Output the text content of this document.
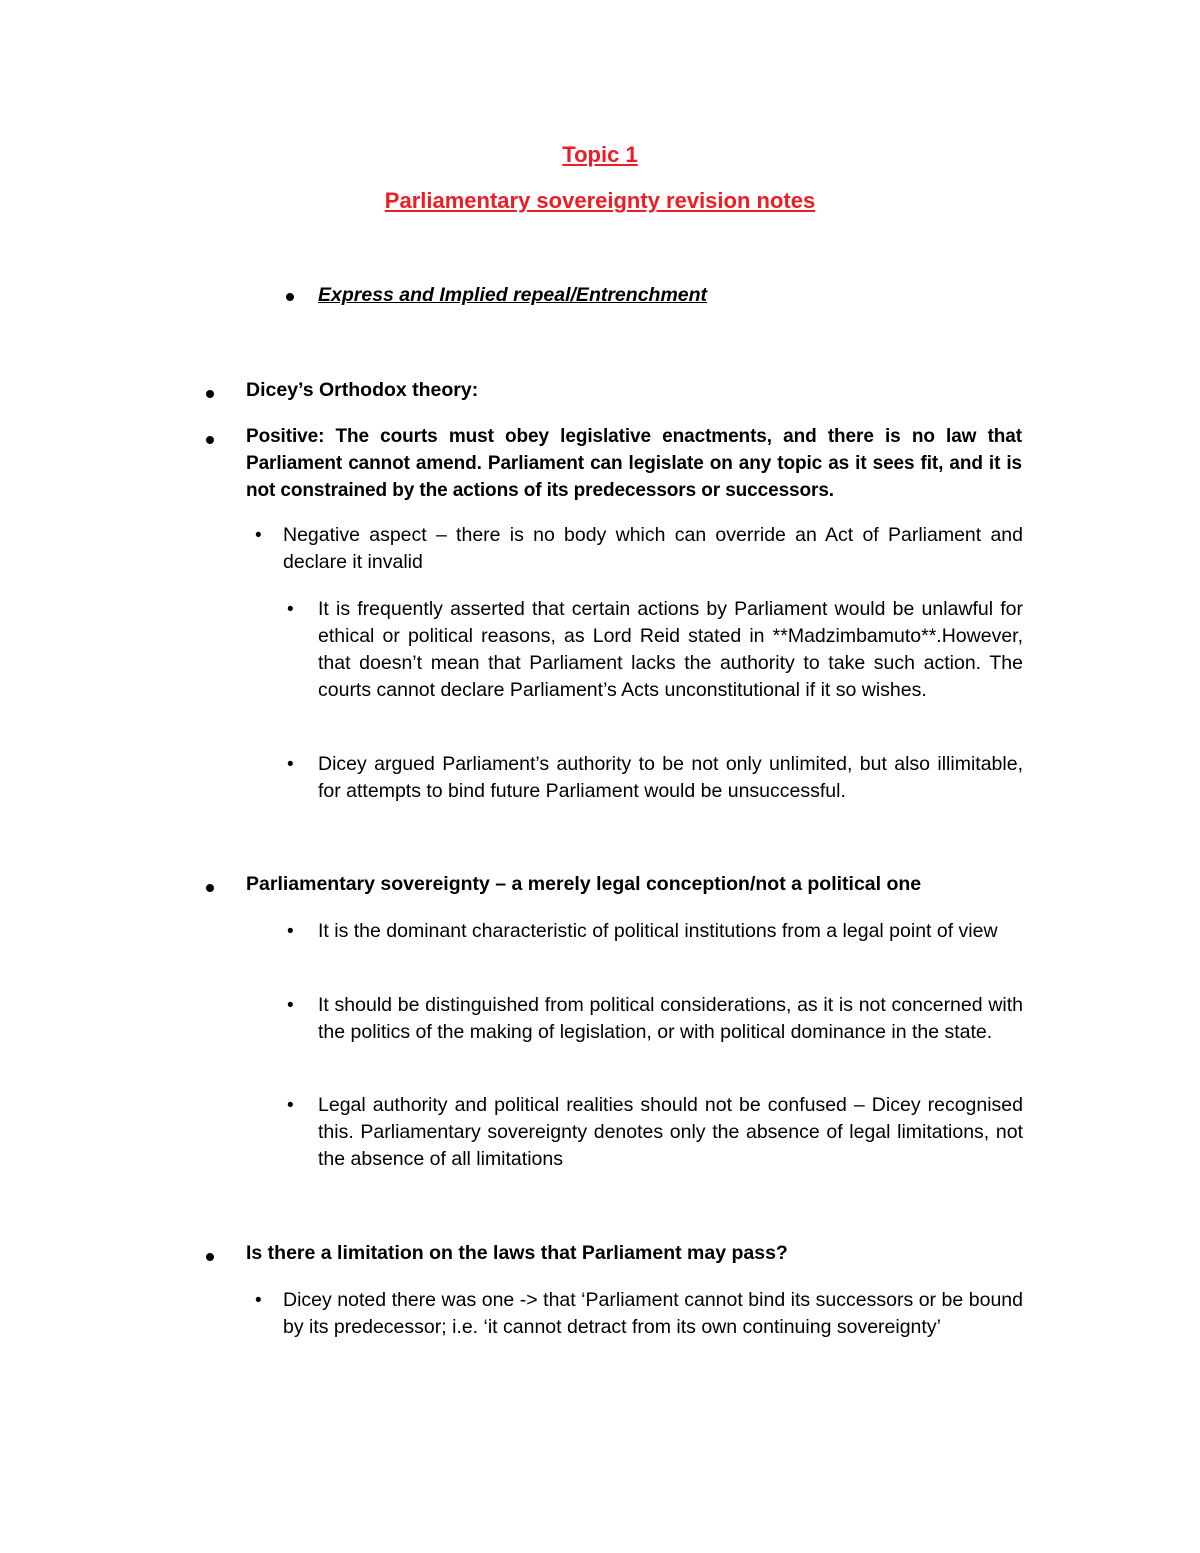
Topic 1
Parliamentary sovereignty revision notes
Express and Implied repeal/Entrenchment
Dicey’s Orthodox theory:
Positive: The courts must obey legislative enactments, and there is no law that Parliament cannot amend. Parliament can legislate on any topic as it sees fit, and it is not constrained by the actions of its predecessors or successors.
• Negative aspect – there is no body which can override an Act of Parliament and declare it invalid
• It is frequently asserted that certain actions by Parliament would be unlawful for ethical or political reasons, as Lord Reid stated in **Madzimbamuto**.However, that doesn’t mean that Parliament lacks the authority to take such action. The courts cannot declare Parliament’s Acts unconstitutional if it so wishes.
• Dicey argued Parliament’s authority to be not only unlimited, but also illimitable, for attempts to bind future Parliament would be unsuccessful.
Parliamentary sovereignty – a merely legal conception/not a political one
• It is the dominant characteristic of political institutions from a legal point of view
• It should be distinguished from political considerations, as it is not concerned with the politics of the making of legislation, or with political dominance in the state.
• Legal authority and political realities should not be confused – Dicey recognised this. Parliamentary sovereignty denotes only the absence of legal limitations, not the absence of all limitations
Is there a limitation on the laws that Parliament may pass?
• Dicey noted there was one -> that ‘Parliament cannot bind its successors or be bound by its predecessor; i.e. ‘it cannot detract from its own continuing sovereignty’
